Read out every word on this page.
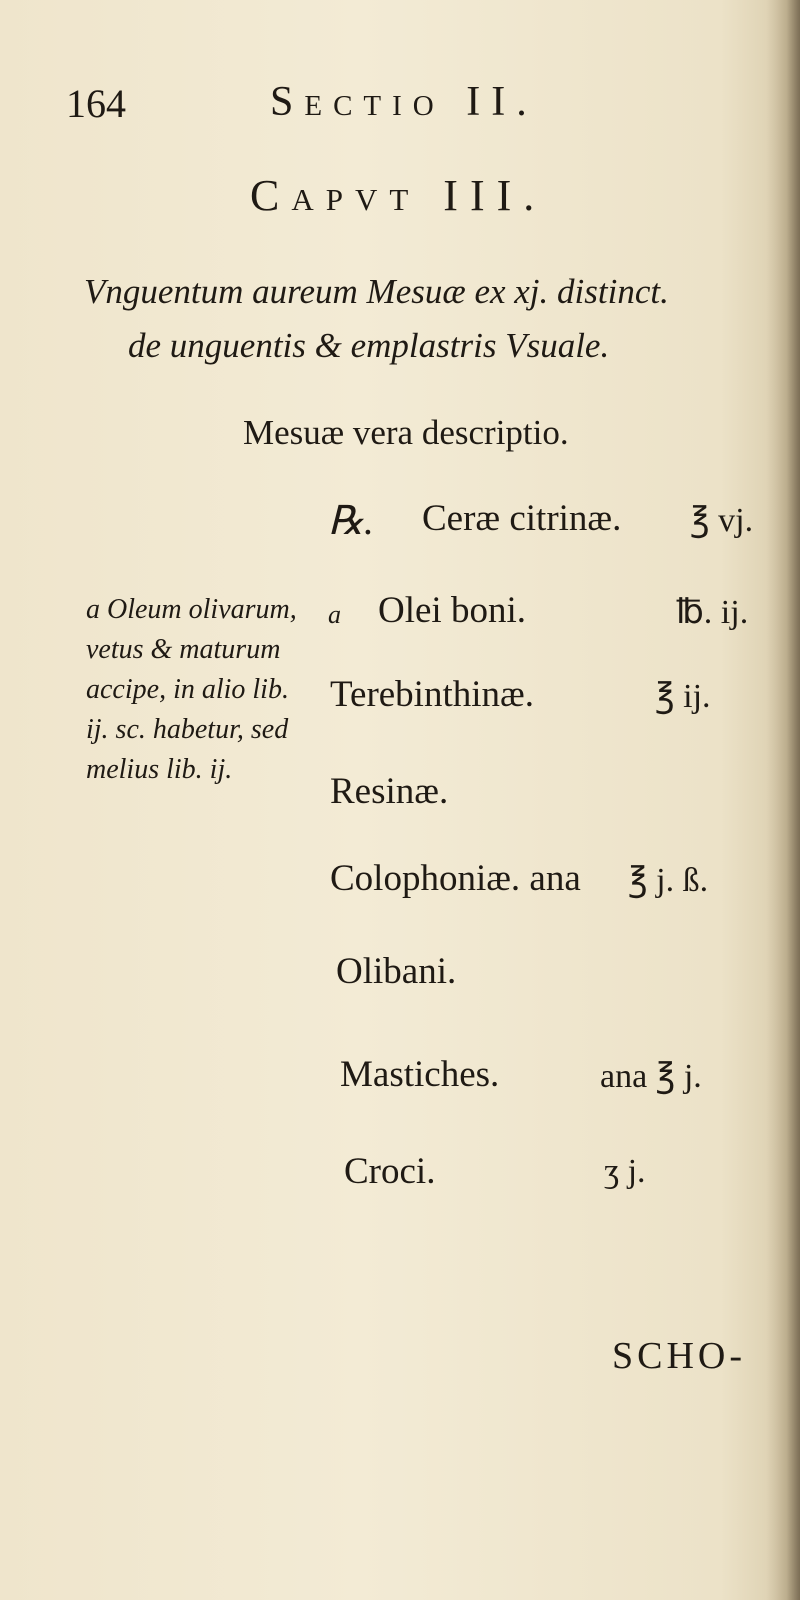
164	Sectio II.
Capvt III.
Vnguentum aureum Mesuæ ex xj. distinct.
de unguentis & emplastris Vsuale.
Mesuæ vera descriptio.
℞.
a
a Oleum olivarum, vetus & maturum accipe, in alio lib. ij. sc. habetur, sed melius lib. ij.
Ceræ citrinæ. ℥ vj.
Olei boni.	℔. ij.
Terebinthinæ.	℥ ij.
Resinæ.
Colophoniæ. ana ℥ j. ß.
Olibani.
Mastiches.	ana ℥ j.
Croci.	ʒ j.
SCHO-
